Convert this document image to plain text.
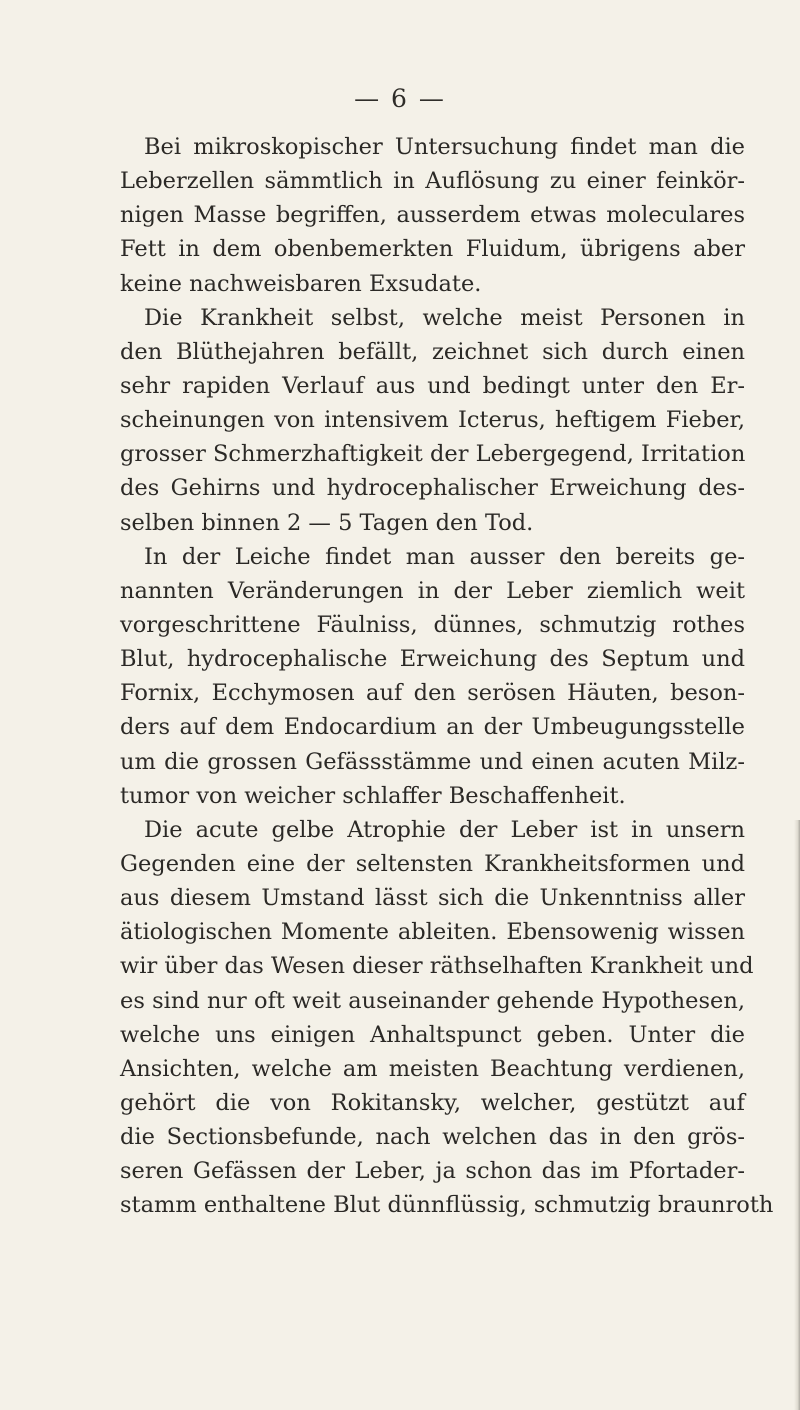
— 6 —
Bei mikroskopischer Untersuchung findet man die
Leberzellen sämmtlich in Auflösung zu einer feinkör-
nigen Masse begriffen, ausserdem etwas moleculares
Fett in dem obenbemerkten Fluidum, übrigens aber
keine nachweisbaren Exsudate.
Die Krankheit selbst, welche meist Personen in
den Blüthejahren befällt, zeichnet sich durch einen
sehr rapiden Verlauf aus und bedingt unter den Er-
scheinungen von intensivem Icterus, heftigem Fieber,
grosser Schmerzhaftigkeit der Lebergegend, Irritation
des Gehirns und hydrocephalischer Erweichung des-
selben binnen 2 — 5 Tagen den Tod.
In der Leiche findet man ausser den bereits ge-
nannten Veränderungen in der Leber ziemlich weit
vorgeschrittene Fäulniss, dünnes, schmutzig rothes
Blut, hydrocephalische Erweichung des Septum und
Fornix, Ecchymosen auf den serösen Häuten, beson-
ders auf dem Endocardium an der Umbeugungsstelle
um die grossen Gefässstämme und einen acuten Milz-
tumor von weicher schlaffer Beschaffenheit.
Die acute gelbe Atrophie der Leber ist in unsern
Gegenden eine der seltensten Krankheitsformen und
aus diesem Umstand lässt sich die Unkenntniss aller
ätiologischen Momente ableiten. Ebensowenig wissen
wir über das Wesen dieser räthselhaften Krankheit und
es sind nur oft weit auseinander gehende Hypothesen,
welche uns einigen Anhaltspunct geben. Unter die
Ansichten, welche am meisten Beachtung verdienen,
gehört die von Rokitansky, welcher, gestützt auf
die Sectionsbefunde, nach welchen das in den grös-
seren Gefässen der Leber, ja schon das im Pfortader-
stamm enthaltene Blut dünnflüssig, schmutzig braunroth
